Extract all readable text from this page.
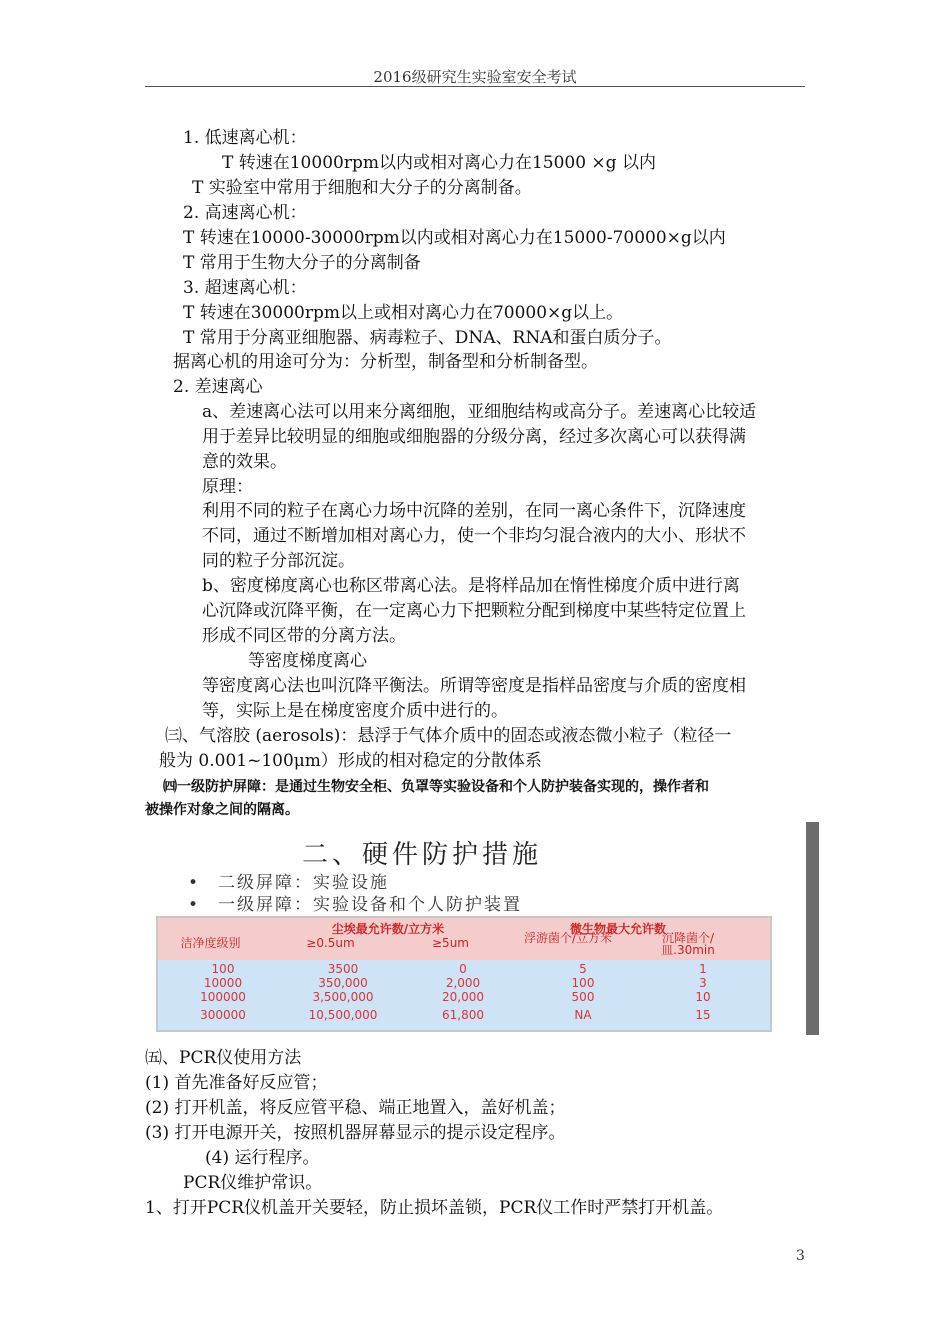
2016级研究生实验室安全考试
1. 低速离心机：
T 转速在10000rpm以内或相对离心力在15000 ×g 以内
T 实验室中常用于细胞和大分子的分离制备。
2. 高速离心机：
T 转速在10000-30000rpm以内或相对离心力在15000-70000×g以内
T 常用于生物大分子的分离制备
3. 超速离心机：
T 转速在30000rpm以上或相对离心力在70000×g以上。
T 常用于分离亚细胞器、病毒粒子、DNA、RNA和蛋白质分子。
据离心机的用途可分为：分析型，制备型和分析制备型。
2. 差速离心
a、差速离心法可以用来分离细胞，亚细胞结构或高分子。差速离心比较适
用于差异比较明显的细胞或细胞器的分级分离，经过多次离心可以获得满
意的效果。
原理：
利用不同的粒子在离心力场中沉降的差别，在同一离心条件下，沉降速度
不同，通过不断增加相对离心力，使一个非均匀混合液内的大小、形状不
同的粒子分部沉淀。
b、密度梯度离心也称区带离心法。是将样品加在惰性梯度介质中进行离
心沉降或沉降平衡，在一定离心力下把颗粒分配到梯度中某些特定位置上
形成不同区带的分离方法。
等密度梯度离心
等密度离心法也叫沉降平衡法。所谓等密度是指样品密度与介质的密度相
等，实际上是在梯度密度介质中进行的。
㈢、气溶胶 (aerosols)：悬浮于气体介质中的固态或液态微小粒子（粒径一
般为 0.001~100μm）形成的相对稳定的分散体系
㈣一级防护屏障：是通过生物安全柜、负罩等实验设备和个人防护装备实现的，操作者和
被操作对象之间的隔离。
二、硬件防护措施
• 二级屏障：实验设施
• 一级屏障：实验设备和个人防护装置
尘埃最允许数/立方米	微生物最大允许数
洁净度级别	≥0.5um	≥5um	浮游菌个/立方米	沉降菌个/皿.30min
100	3500	0	5	1
10000	350,000	2,000	100	3
100000	3,500,000	20,000	500	10
300000	10,500,000	61,800	NA	15
㈤、PCR仪使用方法
(1) 首先准备好反应管；
(2) 打开机盖，将反应管平稳、端正地置入，盖好机盖；
(3) 打开电源开关，按照机器屏幕显示的提示设定程序。
(4) 运行程序。
PCR仪维护常识。
1、打开PCR仪机盖开关要轻，防止损坏盖锁，PCR仪工作时严禁打开机盖。
3
